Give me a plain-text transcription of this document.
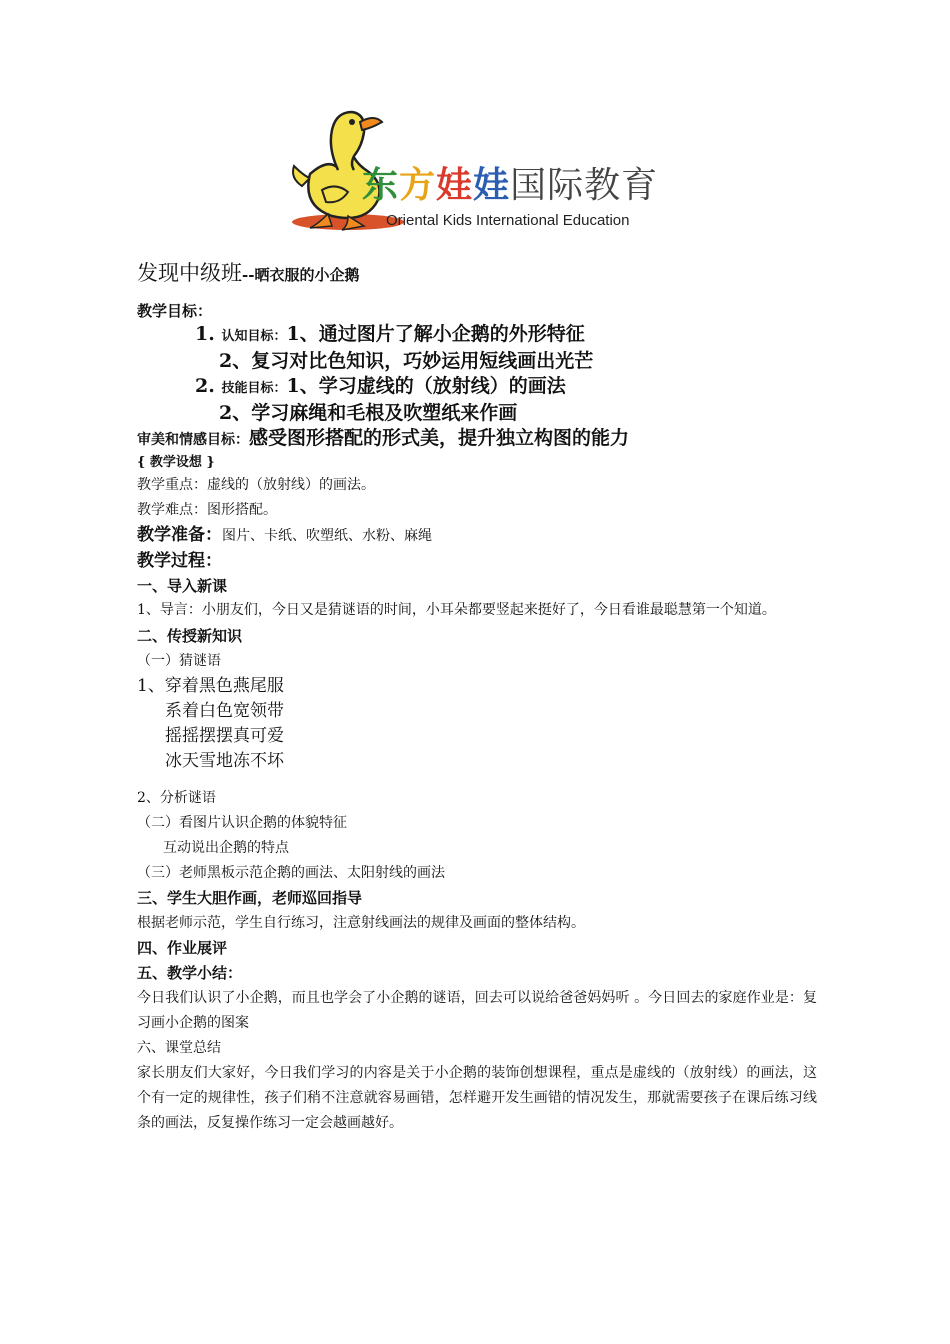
东方娃娃国际教育
Oriental Kids International Education
发现中级班--晒衣服的小企鹅
教学目标：
1. 认知目标：1、通过图片了解小企鹅的外形特征
2、复习对比色知识，巧妙运用短线画出光芒
2. 技能目标：1、学习虚线的（放射线）的画法
2、学习麻绳和毛根及吹塑纸来作画
审美和情感目标：感受图形搭配的形式美，提升独立构图的能力
{ 教学设想 }
教学重点：虚线的（放射线）的画法。
教学难点：图形搭配。
教学准备：图片、卡纸、吹塑纸、水粉、麻绳
教学过程：
一、导入新课
1、导言：小朋友们，今日又是猜谜语的时间，小耳朵都要竖起来挺好了，今日看谁最聪慧第一个知道。
二、传授新知识
（一）猜谜语
1、穿着黑色燕尾服
系着白色宽领带
摇摇摆摆真可爱
冰天雪地冻不坏
2、分析谜语
（二）看图片认识企鹅的体貌特征
互动说出企鹅的特点
（三）老师黑板示范企鹅的画法、太阳射线的画法
三、学生大胆作画，老师巡回指导
根据老师示范，学生自行练习，注意射线画法的规律及画面的整体结构。
四、作业展评
五、教学小结：
今日我们认识了小企鹅，而且也学会了小企鹅的谜语，回去可以说给爸爸妈妈听 。今日回去的家庭作业是：复习画小企鹅的图案
六、课堂总结
家长朋友们大家好，今日我们学习的内容是关于小企鹅的装饰创想课程，重点是虚线的（放射线）的画法，这个有一定的规律性，孩子们稍不注意就容易画错，怎样避开发生画错的情况发生，那就需要孩子在课后练习线条的画法，反复操作练习一定会越画越好。
